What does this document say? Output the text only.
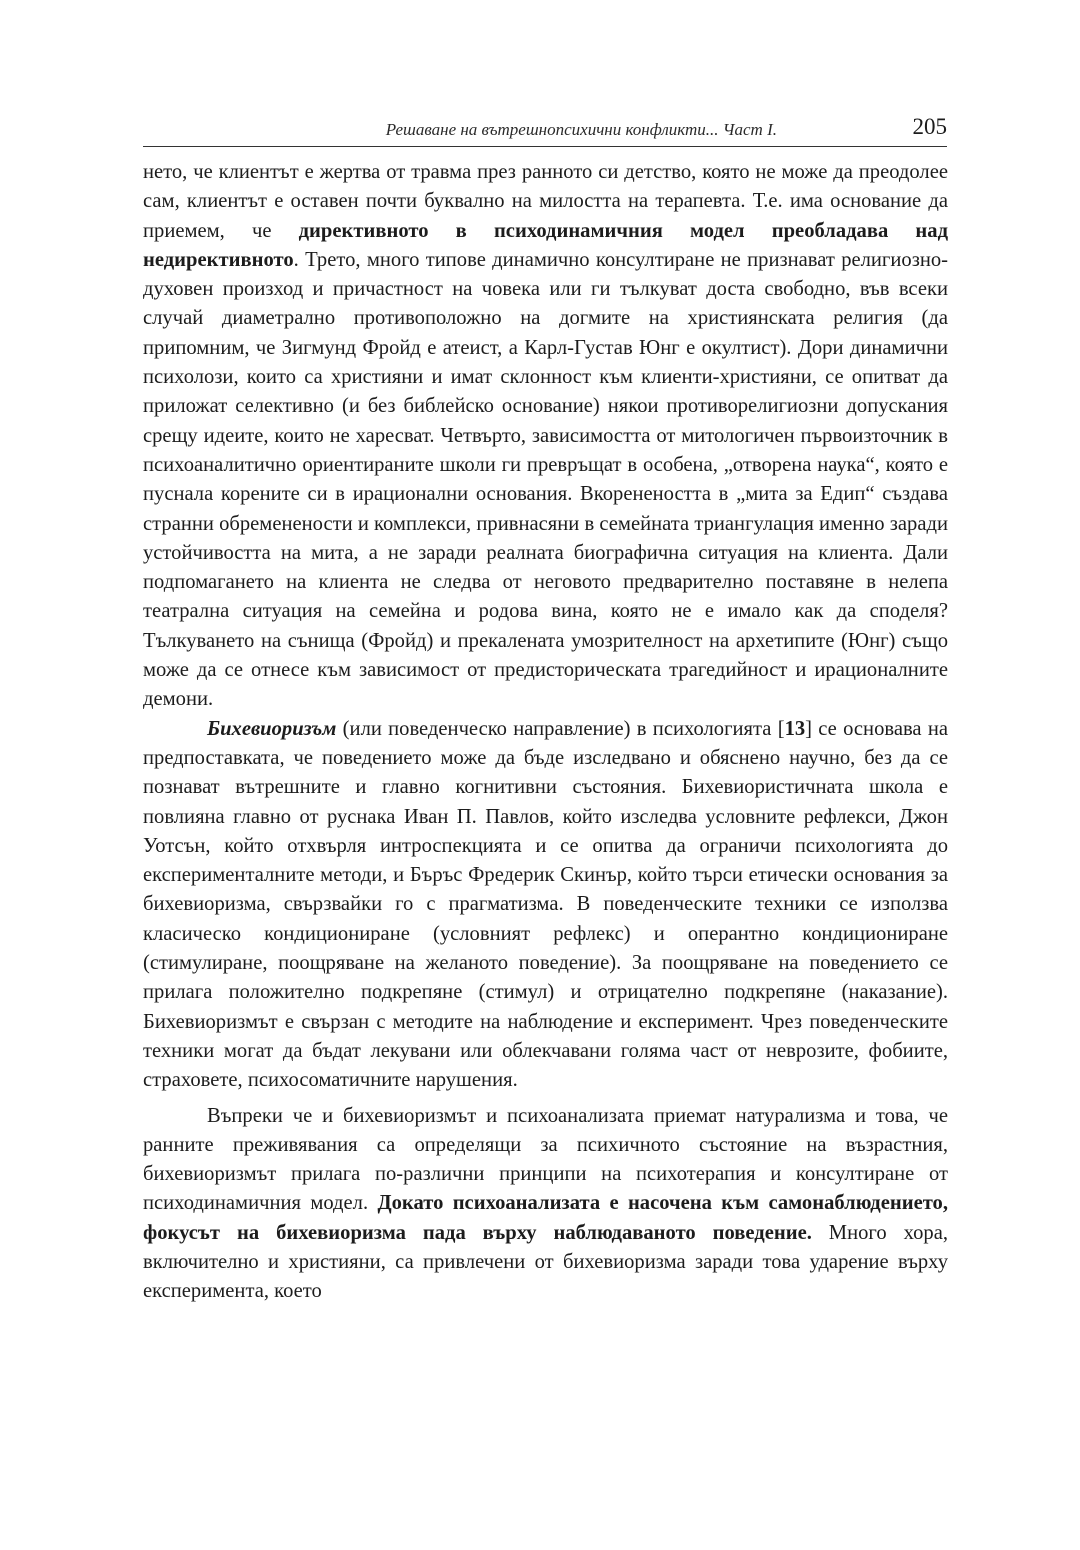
Решаване на вътрешнопсихични конфликти... Част I.	205

нето, че клиентът е жертва от травма през ранното си детство, която не може да преодолее сам, клиентът е оставен почти буквално на милостта на терапевта. Т.е. има основание да приемем, че директивното в психодинамичния модел преобладава над недирективното. Трето, много типове динамично консултиране не признават религиозно-духовен произход и причастност на човека или ги тълкуват доста свободно, във всеки случай диаметрално противоположно на догмите на християнската религия (да припомним, че Зигмунд Фройд е атеист, а Карл-Густав Юнг е окултист). Дори динамични психолози, които са християни и имат склонност към клиенти-християни, се опитват да приложат селективно (и без библейско основание) някои противорелигиозни допускания срещу идеите, които не харесват. Четвърто, зависимостта от митологичен първоизточник в психоаналитично ориентираните школи ги превръщат в особена, „отворена наука“, която е пуснала корените си в ирационални основания. Вкоренеността в „мита за Едип“ създава странни обременености и комплекси, привнасяни в семейната триангулация именно заради устойчивостта на мита, а не заради реалната биографична ситуация на клиента. Дали подпомагането на клиента не следва от неговото предварително поставяне в нелепа театрална ситуация на семейна и родова вина, която не е имало как да споделя? Тълкуването на сънища (Фройд) и прекалената умозрителност на архетипите (Юнг) също може да се отнесе към зависимост от предисторическата трагедийност и ирационалните демони.

Бихевиоризъм (или поведенческо направление) в психологията [13] се основава на предпоставката, че поведението може да бъде изследвано и обяснено научно, без да се познават вътрешните и главно когнитивни състояния. Бихевиористичната школа е повлияна главно от руснака Иван П. Павлов, който изследва условните рефлекси, Джон Уотсън, който отхвърля интроспекцията и се опитва да ограничи психологията до експерименталните методи, и Бъръс Фредерик Скинър, който търси етически основания за бихевиоризма, свързвайки го с прагматизма. В поведенческите техники се използва класическо кондициониране (условният рефлекс) и оперантно кондициониране (стимулиране, поощряване на желаното поведение). За поощряване на поведението се прилага положително подкрепяне (стимул) и отрицателно подкрепяне (наказание). Бихевиоризмът е свързан с методите на наблюдение и експеримент. Чрез поведенческите техники могат да бъдат лекувани или облекчавани голяма част от неврозите, фобиите, страховете, психосоматичните нарушения.

Въпреки че и бихевиоризмът и психоанализата приемат натурализма и това, че ранните преживявания са определящи за психичното състояние на възрастния, бихевиоризмът прилага по-различни принципи на психотерапия и консултиране от психодинамичния модел. Докато психоанализата е насочена към самонаблюдението, фокусът на бихевиоризма пада върху наблюдаваното поведение. Много хора, включително и християни, са привлечени от бихевиоризма заради това ударение върху експеримента, което
